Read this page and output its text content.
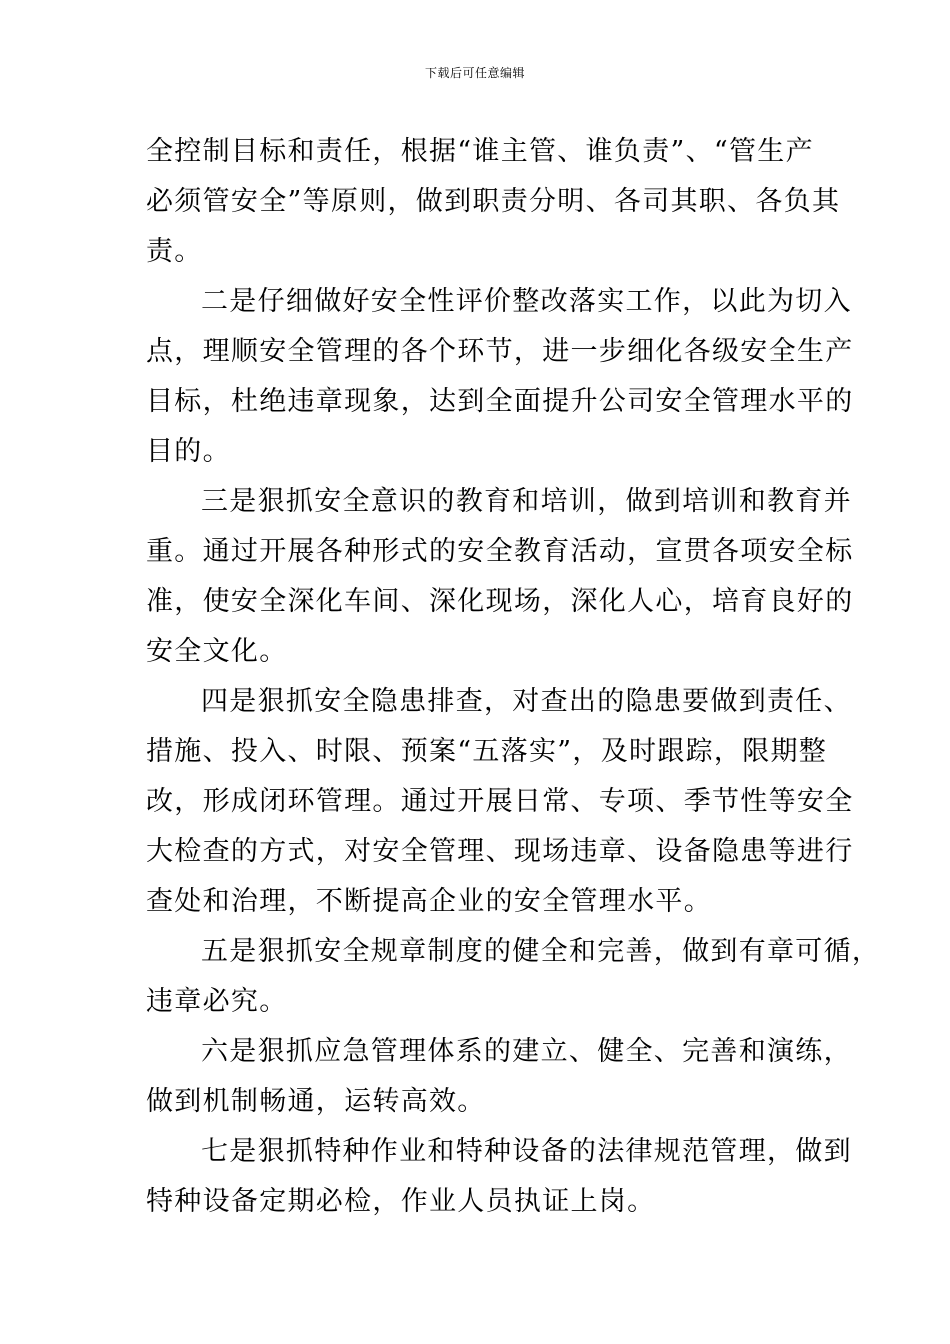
下载后可任意编辑
全控制目标和责任，根据“谁主管、谁负责”、“管生产
必须管安全”等原则，做到职责分明、各司其职、各负其
责。
二是仔细做好安全性评价整改落实工作，以此为切入
点，理顺安全管理的各个环节，进一步细化各级安全生产
目标，杜绝违章现象，达到全面提升公司安全管理水平的
目的。
三是狠抓安全意识的教育和培训，做到培训和教育并
重。通过开展各种形式的安全教育活动，宣贯各项安全标
准，使安全深化车间、深化现场，深化人心，培育良好的
安全文化。
四是狠抓安全隐患排查，对查出的隐患要做到责任、
措施、投入、时限、预案“五落实”，及时跟踪，限期整
改，形成闭环管理。通过开展日常、专项、季节性等安全
大检查的方式，对安全管理、现场违章、设备隐患等进行
查处和治理，不断提高企业的安全管理水平。
五是狠抓安全规章制度的健全和完善，做到有章可循，
违章必究。
六是狠抓应急管理体系的建立、健全、完善和演练，
做到机制畅通，运转高效。
七是狠抓特种作业和特种设备的法律规范管理，做到
特种设备定期必检，作业人员执证上岗。
